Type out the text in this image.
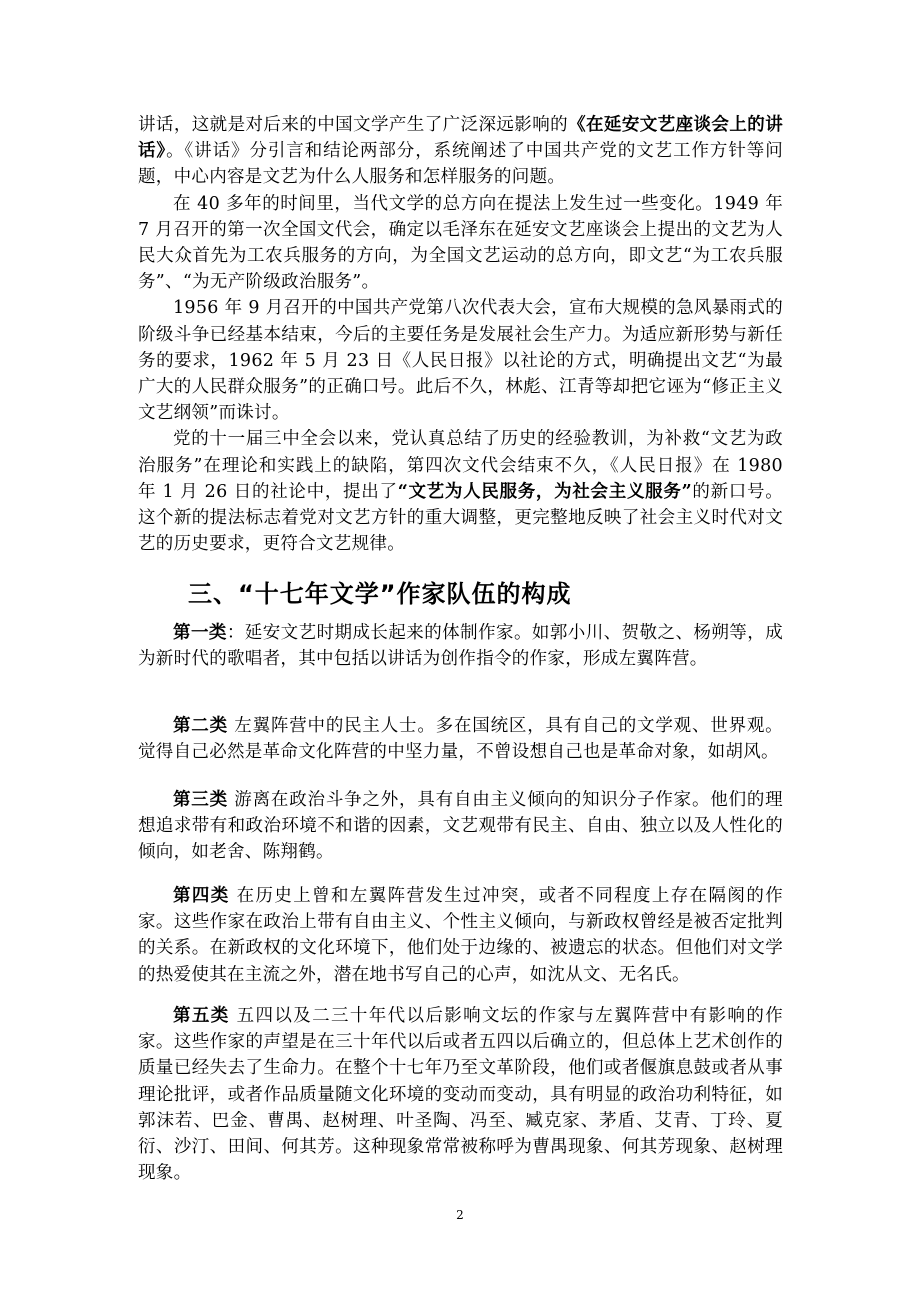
讲话，这就是对后来的中国文学产生了广泛深远影响的《在延安文艺座谈会上的讲话》。《讲话》分引言和结论两部分，系统阐述了中国共产党的文艺工作方针等问题，中心内容是文艺为什么人服务和怎样服务的问题。

在 40 多年的时间里，当代文学的总方向在提法上发生过一些变化。1949 年 7 月召开的第一次全国文代会，确定以毛泽东在延安文艺座谈会上提出的文艺为人民大众首先为工农兵服务的方向，为全国文艺运动的总方向，即文艺“为工农兵服务”、“为无产阶级政治服务”。

1956 年 9 月召开的中国共产党第八次代表大会，宣布大规模的急风暴雨式的阶级斗争已经基本结束，今后的主要任务是发展社会生产力。为适应新形势与新任务的要求，1962 年 5 月 23 日《人民日报》以社论的方式，明确提出文艺“为最广大的人民群众服务”的正确口号。此后不久，林彪、江青等却把它诬为“修正主义文艺纲领”而诛讨。

党的十一届三中全会以来，党认真总结了历史的经验教训，为补救“文艺为政治服务”在理论和实践上的缺陷，第四次文代会结束不久，《人民日报》在 1980 年 1 月 26 日的社论中，提出了“文艺为人民服务，为社会主义服务”的新口号。这个新的提法标志着党对文艺方针的重大调整，更完整地反映了社会主义时代对文艺的历史要求，更符合文艺规律。

三、“十七年文学”作家队伍的构成

第一类：延安文艺时期成长起来的体制作家。如郭小川、贺敬之、杨朔等，成为新时代的歌唱者，其中包括以讲话为创作指令的作家，形成左翼阵营。

第二类 左翼阵营中的民主人士。多在国统区，具有自己的文学观、世界观。觉得自己必然是革命文化阵营的中坚力量，不曾设想自己也是革命对象，如胡风。

第三类 游离在政治斗争之外，具有自由主义倾向的知识分子作家。他们的理想追求带有和政治环境不和谐的因素，文艺观带有民主、自由、独立以及人性化的倾向，如老舍、陈翔鹤。

第四类 在历史上曾和左翼阵营发生过冲突，或者不同程度上存在隔阂的作家。这些作家在政治上带有自由主义、个性主义倾向，与新政权曾经是被否定批判的关系。在新政权的文化环境下，他们处于边缘的、被遗忘的状态。但他们对文学的热爱使其在主流之外，潜在地书写自己的心声，如沈从文、无名氏。

第五类 五四以及二三十年代以后影响文坛的作家与左翼阵营中有影响的作家。这些作家的声望是在三十年代以后或者五四以后确立的，但总体上艺术创作的质量已经失去了生命力。在整个十七年乃至文革阶段，他们或者偃旗息鼓或者从事理论批评，或者作品质量随文化环境的变动而变动，具有明显的政治功利特征，如郭沫若、巴金、曹禺、赵树理、叶圣陶、冯至、臧克家、茅盾、艾青、丁玲、夏衍、沙汀、田间、何其芳。这种现象常常被称呼为曹禺现象、何其芳现象、赵树理现象。

2
